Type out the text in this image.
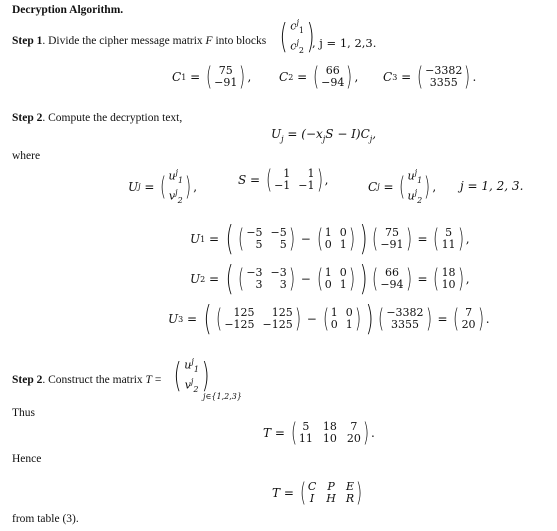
Decryption Algorithm.
Step 1. Divide the cipher message matrix F into blocks ( $c^j_1$
$c^j_2$ )
, j = 1, 2,3.
C 1 = ( 75
−91 ) , C 2 = ( 66
−94 ) , C 3 = ( −3382
3355 ) .
Step 2. Compute the decryption text,
$U_j = (-x_jS - I)C_j$,
where
U j = ( $u^j_1$
$v^j_2$ ) ,	S = ( 1
−1
1
−1 ) ,	C j = ( $u^j_1$
$u^j_2$ ) , j = 1, 2, 3.
U 1 = ( ( −5
5
−5
5 ) − ( 1
0
0
1 ) ) ( 75
−91 ) = ( 5
11 ) ,
U 2 = ( ( −3
3
−3
3 ) − ( 1
0
0
1 ) ) ( 66
−94 ) = ( 18
10 ) ,
U 3 = ( ( 125
−125
125
−125 ) − ( 1
0
0
1 ) ) ( −3382
3355 ) = ( 7
20 ) .
Step 2. Construct the matrix T = ( $u^j_1$
$v^j_2$ )
j∈{1,2,3}
Thus
T = ( 5
11
18
10
7
20 ) .
Hence
T = ( C
I
P
H
E
R )
from table (3).
